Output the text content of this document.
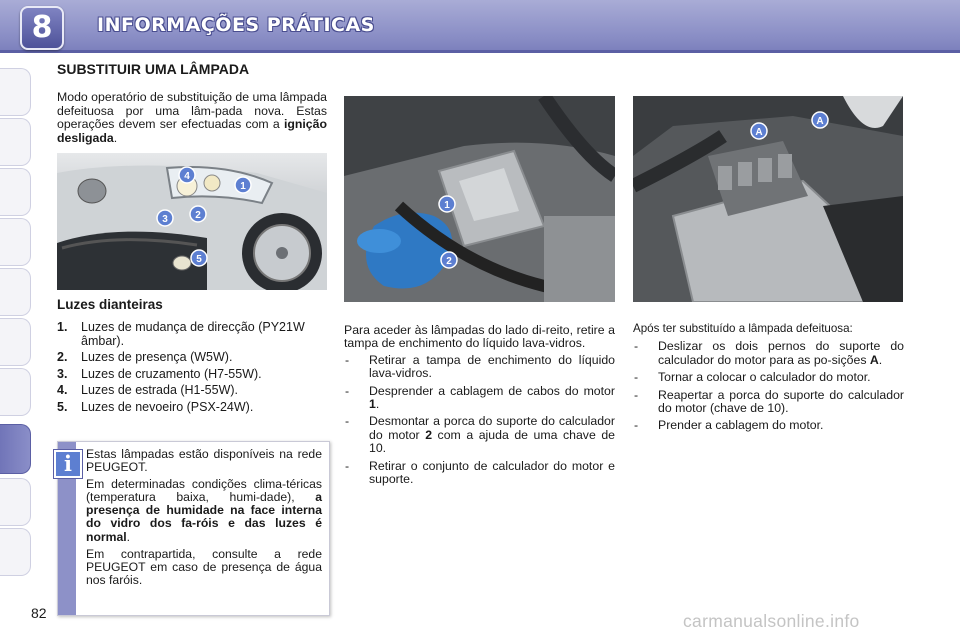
8	INFORMAÇÕES PRÁTICAS
SUBSTITUIR UMA LÂMPADA
Modo operatório de substituição de uma lâmpada defeituosa por uma lâm-pada nova. Estas operações devem ser efectuadas com a ignição desligada.
1
2
3
4
5
Luzes dianteiras
1. Luzes de mudança de direcção (PY21W âmbar).
2. Luzes de presença (W5W).
3. Luzes de cruzamento (H7-55W).
4. Luzes de estrada (H1-55W).
5. Luzes de nevoeiro (PSX-24W).
i	Estas lâmpadas estão disponíveis na rede PEUGEOT.

Em determinadas condições clima-téricas (temperatura baixa, humi-dade), a presença de humidade na face interna do vidro dos fa-róis e das luzes é normal.

Em contrapartida, consulte a rede PEUGEOT em caso de presença de água nos faróis.

1
2
A
A

Para aceder às lâmpadas do lado di-reito, retire a tampa de enchimento do líquido lava-vidros.

- Retirar a tampa de enchimento do líquido lava-vidros.
- Desprender a cablagem de cabos do motor 1.
- Desmontar a porca do suporte do calculador do motor 2 com a ajuda de uma chave de 10.
- Retirar o conjunto de calculador do motor e suporte.

Após ter substituído a lâmpada defeituosa:

- Deslizar os dois pernos do suporte do calculador do motor para as po-sições A.
- Tornar a colocar o calculador do motor.
- Reapertar a porca do suporte do calculador do motor (chave de 10).
- Prender a cablagem do motor.
82	carmanualsonline.info
